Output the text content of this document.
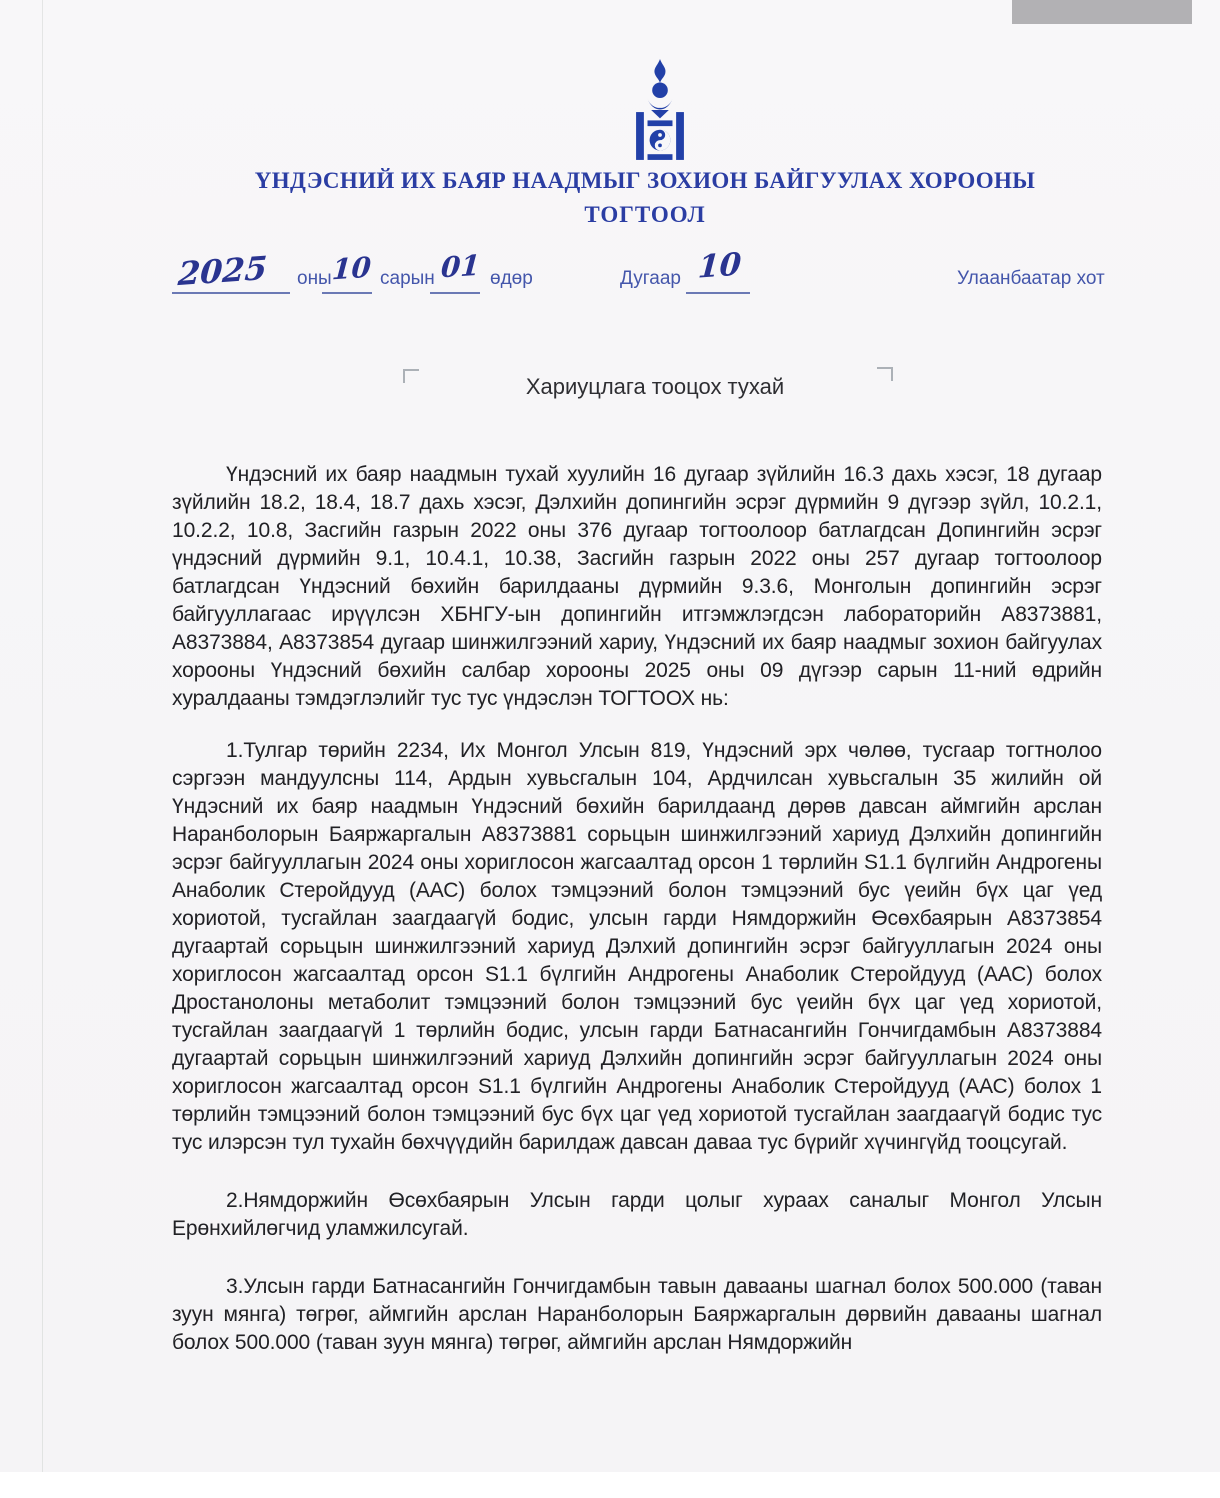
ҮНДЭСНИЙ ИХ БАЯР НААДМЫГ ЗОХИОН БАЙГУУЛАХ ХОРООНЫ
ТОГТООЛ
2025 оны 10 сарын 01 өдөр	Дугаар 10	Улаанбаатар хот
Хариуцлага тооцох тухай

Үндэсний их баяр наадмын тухай хуулийн 16 дугаар зүйлийн 16.3 дахь хэсэг, 18 дугаар зүйлийн 18.2, 18.4, 18.7 дахь хэсэг, Дэлхийн допингийн эсрэг дүрмийн 9 дүгээр зүйл, 10.2.1, 10.2.2, 10.8, Засгийн газрын 2022 оны 376 дугаар тогтоолоор батлагдсан Допингийн эсрэг үндэсний дүрмийн 9.1, 10.4.1, 10.38, Засгийн газрын 2022 оны 257 дугаар тогтоолоор батлагдсан Үндэсний бөхийн барилдааны дүрмийн 9.3.6, Монголын допингийн эсрэг байгууллагаас ирүүлсэн ХБНГУ-ын допингийн итгэмжлэгдсэн лабораторийн А8373881, А8373884, А8373854 дугаар шинжилгээний хариу, Үндэсний их баяр наадмыг зохион байгуулах хорооны Үндэсний бөхийн салбар хорооны 2025 оны 09 дүгээр сарын 11-ний өдрийн хуралдааны тэмдэглэлийг тус тус үндэслэн ТОГТООХ нь:

1.Тулгар төрийн 2234, Их Монгол Улсын 819, Үндэсний эрх чөлөө, тусгаар тогтнолоо сэргээн мандуулсны 114, Ардын хувьсгалын 104, Ардчилсан хувьсгалын 35 жилийн ой Үндэсний их баяр наадмын Үндэсний бөхийн барилдаанд дөрөв давсан аймгийн арслан Наранболорын Баяржаргалын А8373881 сорьцын шинжилгээний хариуд Дэлхийн допингийн эсрэг байгууллагын 2024 оны хориглосон жагсаалтад орсон 1 төрлийн S1.1 бүлгийн Андрогены Анаболик Стеройдууд (ААС) болох тэмцээний болон тэмцээний бус үеийн бүх цаг үед хориотой, тусгайлан заагдаагүй бодис, улсын гарди Нямдоржийн Өсөхбаярын А8373854 дугаартай сорьцын шинжилгээний хариуд Дэлхий допингийн эсрэг байгууллагын 2024 оны хориглосон жагсаалтад орсон S1.1 бүлгийн Андрогены Анаболик Стеройдууд (ААС) болох Дростанолоны метаболит тэмцээний болон тэмцээний бус үеийн бүх цаг үед хориотой, тусгайлан заагдаагүй 1 төрлийн бодис, улсын гарди Батнасангийн Гончигдамбын А8373884 дугаартай сорьцын шинжилгээний хариуд Дэлхийн допингийн эсрэг байгууллагын 2024 оны хориглосон жагсаалтад орсон S1.1 бүлгийн Андрогены Анаболик Стеройдууд (ААС) болох 1 төрлийн тэмцээний болон тэмцээний бус бүх цаг үед хориотой тусгайлан заагдаагүй бодис тус тус илэрсэн тул тухайн бөхчүүдийн барилдаж давсан даваа тус бүрийг хүчингүйд тооцсугай.

2.Нямдоржийн Өсөхбаярын Улсын гарди цолыг хураах саналыг Монгол Улсын Ерөнхийлөгчид уламжилсугай.

3.Улсын гарди Батнасангийн Гончигдамбын тавын давааны шагнал болох 500.000 (таван зуун мянга) төгрөг, аймгийн арслан Наранболорын Баяржаргалын дөрвийн давааны шагнал болох 500.000 (таван зуун мянга) төгрөг, аймгийн арслан Нямдоржийн
